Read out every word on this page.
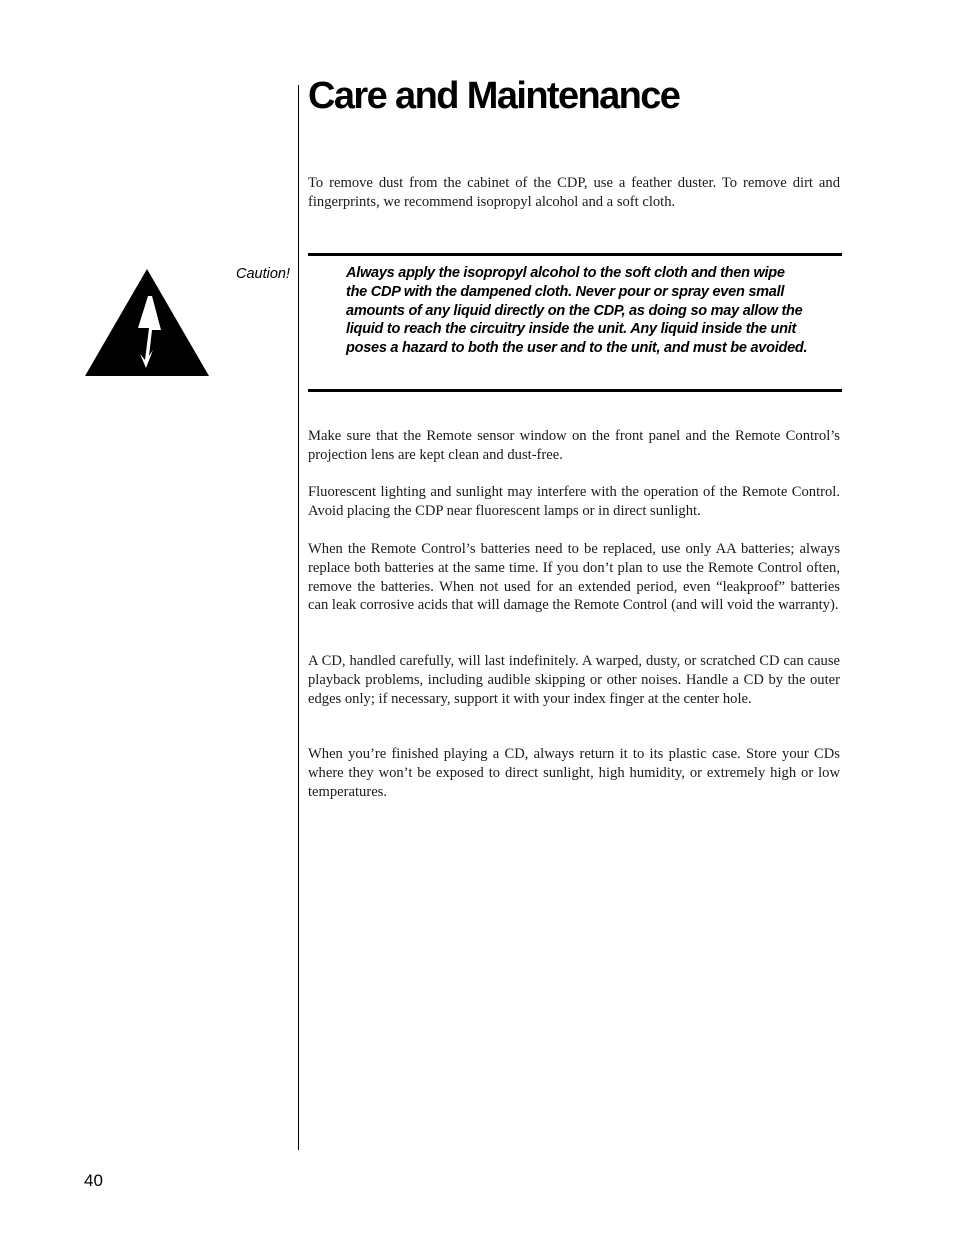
Care and Maintenance

To remove dust from the cabinet of the CDP, use a feather duster. To remove dirt and fingerprints, we recommend isopropyl alcohol and a soft cloth.

Caution!	Always apply the isopropyl alcohol to the soft cloth and then wipe the CDP with the dampened cloth. Never pour or spray even small amounts of any liquid directly on the CDP, as doing so may allow the liquid to reach the circuitry inside the unit. Any liquid inside the unit poses a hazard to both the user and to the unit, and must be avoided.

Make sure that the Remote sensor window on the front panel and the Remote Control’s projection lens are kept clean and dust-free.

Fluorescent lighting and sunlight may interfere with the operation of the Remote Control. Avoid placing the CDP near fluorescent lamps or in direct sunlight.

When the Remote Control’s batteries need to be replaced, use only AA batteries; always replace both batteries at the same time. If you don’t plan to use the Remote Control often, remove the batteries. When not used for an extended period, even “leakproof” batteries can leak corrosive acids that will damage the Remote Control (and will void the warranty).

A CD, handled carefully, will last indefinitely. A warped, dusty, or scratched CD can cause playback problems, including audible skipping or other noises. Handle a CD by the outer edges only; if necessary, support it with your index finger at the center hole.

When you’re finished playing a CD, always return it to its plastic case. Store your CDs where they won’t be exposed to direct sunlight, high humidity, or extremely high or low temperatures.

40
